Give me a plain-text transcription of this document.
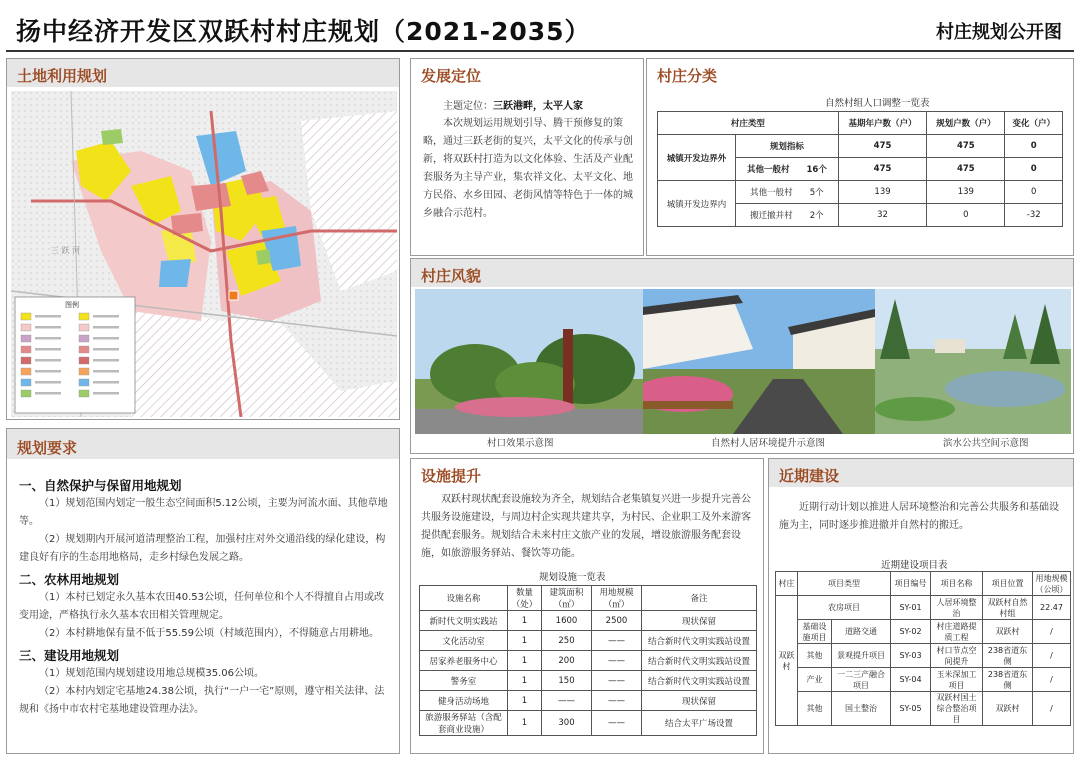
扬中经济开发区双跃村村庄规划（2021-2035）	村庄规划公开图
土地利用规划
三 跃 河
图例
发展定位
主题定位：三跃港畔，太平人家
本次规划运用规划引导、腾干预修复的策略，通过三跃老街的复兴，太平文化的传承与创新，将双跃村打造为以文化体验、生活及产业配套服务为主导产业，集农祥文化、太平文化、地方民俗、水乡田园、老街风情等特色于一体的城乡融合示范村。
村庄分类
自然村组人口调整一览表
村庄类型		基期年户数（户）	规划户数（户）	变化（户）
城镇开发边界外	规划指标	475	475	0
	其他一般村　　 16个	475	475	0
城镇开发边界内	其他一般村　　 5个	139	139	0
	搬迁撤并村　　 2个	32	0	-32
村庄风貌
村口效果示意图	自然村人居环境提升示意图	滨水公共空间示意图
规划要求
一、自然保护与保留用地规划
（1）规划范围内划定一般生态空间面积5.12公顷，主要为河流水面、其他草地等。
（2）规划期内开展河道清理整治工程，加强村庄对外交通沿线的绿化建设，构建良好有序的生态用地格局，走乡村绿色发展之路。
二、农林用地规划
（1）本村已划定永久基本农田40.53公顷，任何单位和个人不得擅自占用或改变用途，严格执行永久基本农田相关管理规定。
（2）本村耕地保有量不低于55.59公顷（村域范围内），不得随意占用耕地。
三、建设用地规划
（1）规划范围内规划建设用地总规模35.06公顷。
（2）本村内划定宅基地24.38公顷，执行“一户一宅”原则，遵守相关法律、法规和《扬中市农村宅基地建设管理办法》。
设施提升
双跃村现状配套设施较为齐全，规划结合老集镇复兴进一步提升完善公共服务设施建设，与周边村企实现共建共享，为村民、企业职工及外来游客提供配套服务。规划结合未来村庄文旅产业的发展，增设旅游服务配套设施，如旅游服务驿站、餐饮等功能。
规划设施一览表
设施名称	数量（处）	建筑面积（㎡）	用地规模（㎡）	备注
新时代文明实践站	1	1600	2500	现状保留
文化活动室	1	250	——	结合新时代文明实践站设置
居家养老服务中心	1	200	——	结合新时代文明实践站设置
警务室	1	150	——	结合新时代文明实践站设置
健身活动场地	1	——	——	现状保留
旅游服务驿站（含配套商业设施）	1	300	——	结合太平广场设置
近期建设
近期行动计划以推进人居环境整治和完善公共服务和基础设施为主，同时逐步推进撤并自然村的搬迁。
近期建设项目表
村庄	项目类型		项目编号	项目名称	项目位置	用地规模（公顷）
双跃村	农房项目		SY-01	人居环境整治	双跃村自然村组	22.47
	基础设施项目	道路交通	SY-02	村庄道路提质工程	双跃村	/
	其他	景观提升项目	SY-03	村口节点空间提升	238省道东侧	/
	产业	一二三产融合项目	SY-04	玉米深加工项目	238省道东侧	/
	其他	国土整治	SY-05	双跃村国土综合整治项目	双跃村	/
